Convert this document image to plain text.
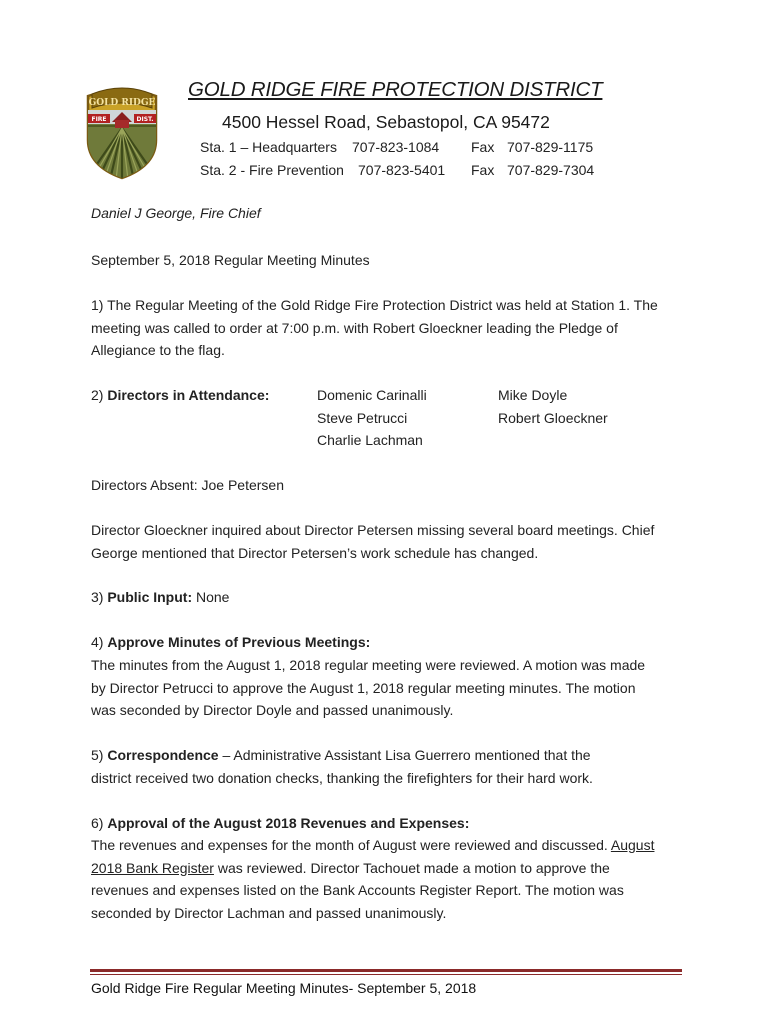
GOLD RIDGE
FIRE	DIST.
GOLD RIDGE FIRE PROTECTION DISTRICT
4500 Hessel Road, Sebastopol, CA 95472
Sta. 1 – Headquarters 707-823-1084 Fax 707-829-1175
Sta. 2 - Fire Prevention 707-823-5401 Fax 707-829-7304
Daniel J George, Fire Chief
September 5, 2018 Regular Meeting Minutes
1) The Regular Meeting of the Gold Ridge Fire Protection District was held at Station 1. The meeting was called to order at 7:00 p.m. with Robert Gloeckner leading the Pledge of Allegiance to the flag.
2) Directors in Attendance:	Domenic Carinalli
Steve Petrucci
Charlie Lachman
Mike Doyle
Robert Gloeckner
Directors Absent: Joe Petersen
Director Gloeckner inquired about Director Petersen missing several board meetings. Chief George mentioned that Director Petersen’s work schedule has changed.
3) Public Input: None
4) Approve Minutes of Previous Meetings:
The minutes from the August 1, 2018 regular meeting were reviewed. A motion was made by Director Petrucci to approve the August 1, 2018 regular meeting minutes. The motion was seconded by Director Doyle and passed unanimously.
5) Correspondence – Administrative Assistant Lisa Guerrero mentioned that the district received two donation checks, thanking the firefighters for their hard work.
6) Approval of the August 2018 Revenues and Expenses:
The revenues and expenses for the month of August were reviewed and discussed. August 2018 Bank Register was reviewed. Director Tachouet made a motion to approve the revenues and expenses listed on the Bank Accounts Register Report. The motion was seconded by Director Lachman and passed unanimously.
Gold Ridge Fire Regular Meeting Minutes- September 5, 2018
